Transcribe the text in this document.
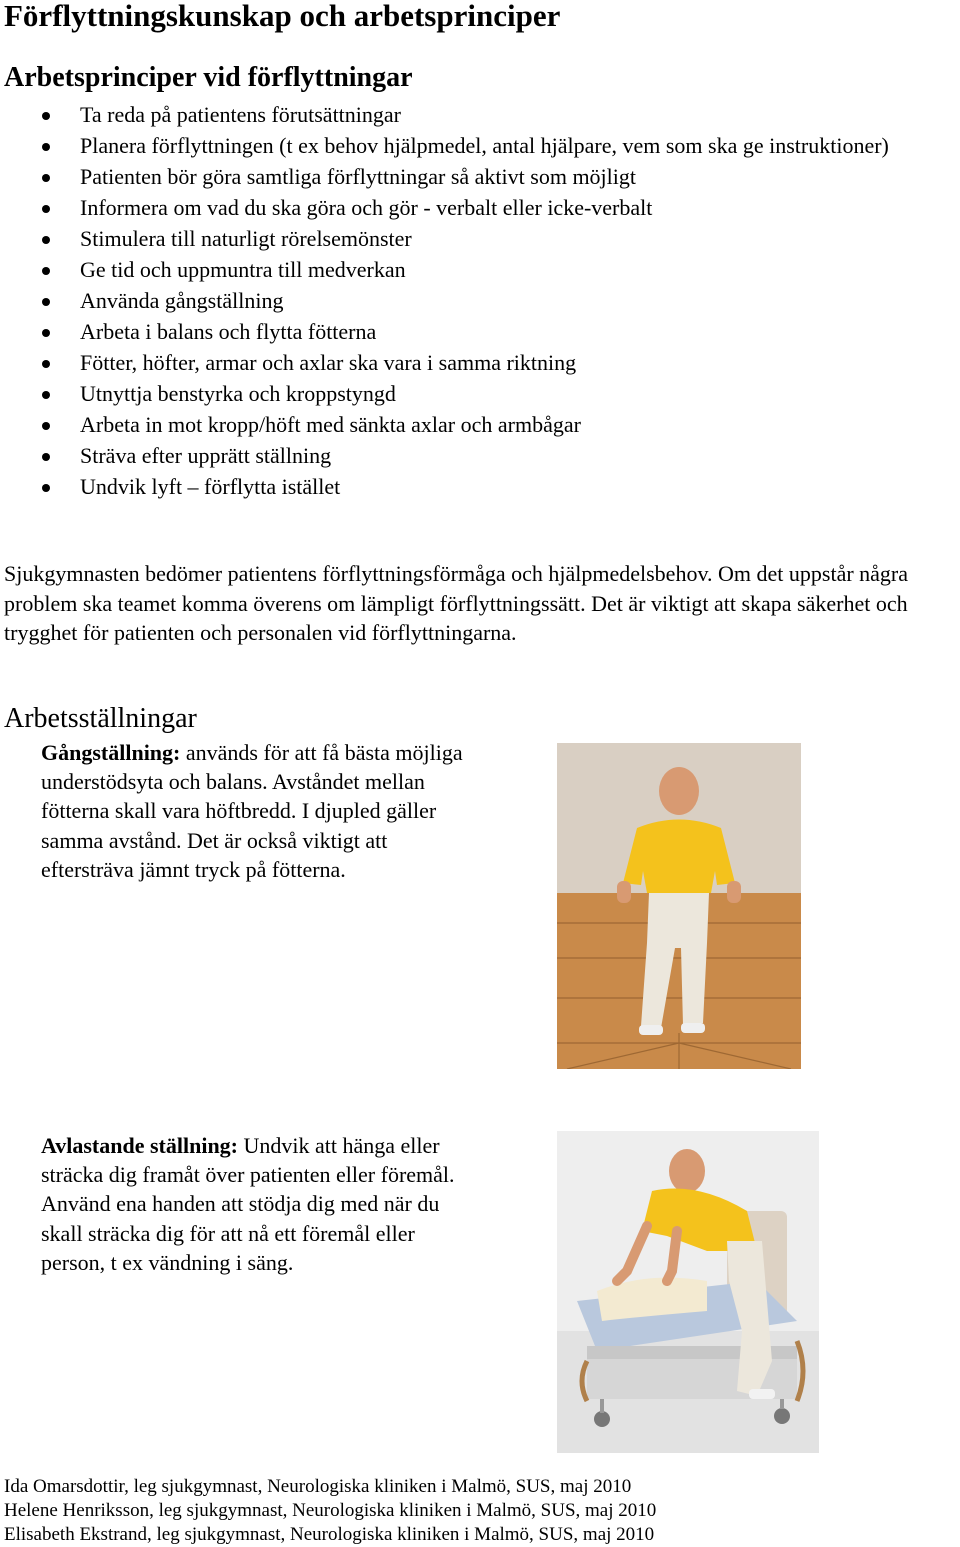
Förflyttningskunskap och arbetsprinciper
Arbetsprinciper vid förflyttningar
Ta reda på patientens förutsättningar
Planera förflyttningen (t ex behov hjälpmedel, antal hjälpare, vem som ska ge instruktioner)
Patienten bör göra samtliga förflyttningar så aktivt som möjligt
Informera om vad du ska göra och gör - verbalt eller icke-verbalt
Stimulera till naturligt rörelsemönster
Ge tid och uppmuntra till medverkan
Använda gångställning
Arbeta i balans och flytta fötterna
Fötter, höfter, armar och axlar ska vara i samma riktning
Utnyttja benstyrka och kroppstyngd
Arbeta in mot kropp/höft med sänkta axlar och armbågar
Sträva efter upprätt ställning
Undvik lyft – förflytta istället

Sjukgymnasten bedömer patientens förflyttningsförmåga och hjälpmedelsbehov. Om det uppstår några problem ska teamet komma överens om lämpligt förflyttningssätt. Det är viktigt att skapa säkerhet och trygghet för patienten och personalen vid förflyttningarna.

Arbetsställningar

Gångställning: används för att få bästa möjliga understödsyta och balans. Avståndet mellan fötterna skall vara höftbredd. I djupled gäller samma avstånd. Det är också viktigt att eftersträva jämnt tryck på fötterna.

Avlastande ställning: Undvik att hänga eller sträcka dig framåt över patienten eller föremål. Använd ena handen att stödja dig med när du skall sträcka dig för att nå ett föremål eller person, t ex vändning i säng.

Ida Omarsdottir, leg sjukgymnast, Neurologiska kliniken i Malmö, SUS, maj 2010
Helene Henriksson, leg sjukgymnast, Neurologiska kliniken i Malmö, SUS, maj 2010
Elisabeth Ekstrand, leg sjukgymnast, Neurologiska kliniken i Malmö, SUS, maj 2010
